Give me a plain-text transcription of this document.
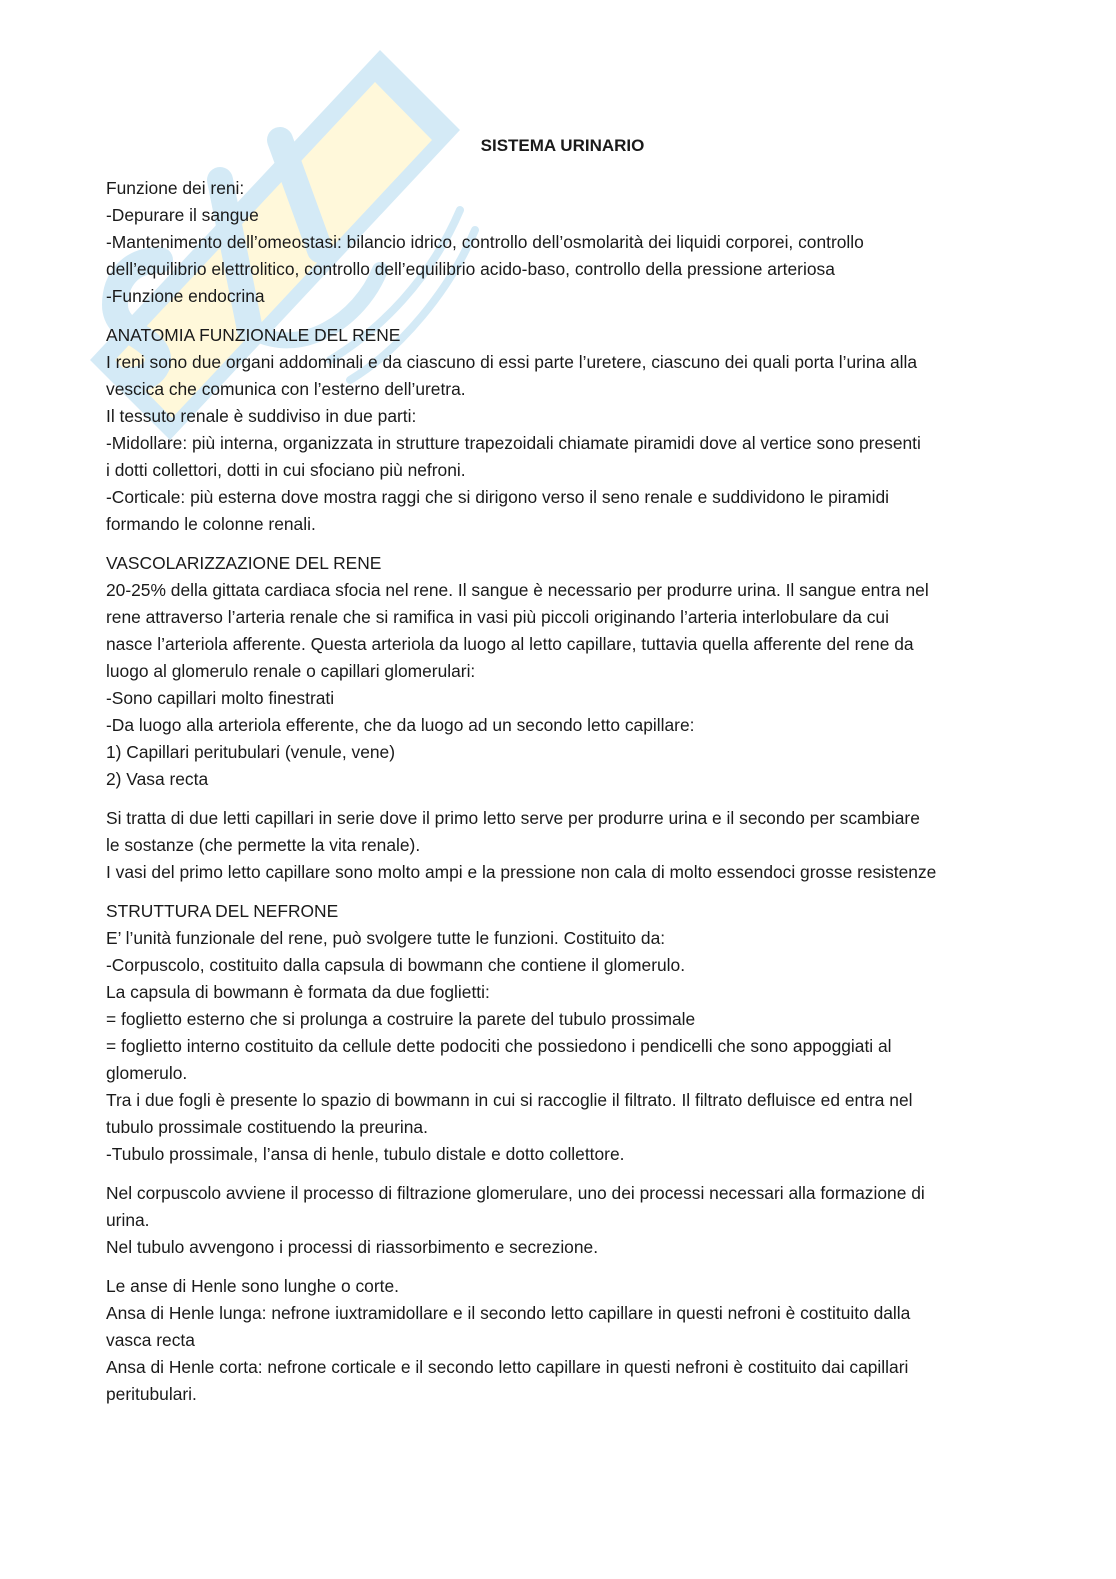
SISTEMA URINARIO
Funzione dei reni:
-Depurare il sangue
-Mantenimento dell’omeostasi: bilancio idrico, controllo dell’osmolarità dei liquidi corporei, controllo
dell’equilibrio elettrolitico, controllo dell’equilibrio acido-baso, controllo della pressione arteriosa
-Funzione endocrina
ANATOMIA FUNZIONALE DEL RENE
I reni sono due organi addominali e da ciascuno di essi parte l’uretere, ciascuno dei quali porta l’urina alla
vescica che comunica con l’esterno dell’uretra.
Il tessuto renale è suddiviso in due parti:
-Midollare: più interna, organizzata in strutture trapezoidali chiamate piramidi dove al vertice sono presenti
i dotti collettori, dotti in cui sfociano più nefroni.
-Corticale: più esterna dove mostra raggi che si dirigono verso il seno renale e suddividono le piramidi
formando le colonne renali.
VASCOLARIZZAZIONE DEL RENE
20-25% della gittata cardiaca sfocia nel rene. Il sangue è necessario per produrre urina. Il sangue entra nel
rene attraverso l’arteria renale che si ramifica in vasi più piccoli originando l’arteria interlobulare da cui
nasce l’arteriola afferente. Questa arteriola da luogo al letto capillare, tuttavia quella afferente del rene da
luogo al glomerulo renale o capillari glomerulari:
-Sono capillari molto finestrati
-Da luogo alla arteriola efferente, che da luogo ad un secondo letto capillare:
1) Capillari peritubulari (venule, vene)
2) Vasa recta
Si tratta di due letti capillari in serie dove il primo letto serve per produrre urina e il secondo per scambiare
le sostanze (che permette la vita renale).
I vasi del primo letto capillare sono molto ampi e la pressione non cala di molto essendoci grosse resistenze
STRUTTURA DEL NEFRONE
E’ l’unità funzionale del rene, può svolgere tutte le funzioni. Costituito da:
-Corpuscolo, costituito dalla capsula di bowmann che contiene il glomerulo.
La capsula di bowmann è formata da due foglietti:
= foglietto esterno che si prolunga a costruire la parete del tubulo prossimale
= foglietto interno costituito da cellule dette podociti che possiedono i pendicelli che sono appoggiati al
glomerulo.
Tra i due fogli è presente lo spazio di bowmann in cui si raccoglie il filtrato. Il filtrato defluisce ed entra nel
tubulo prossimale costituendo la preurina.
-Tubulo prossimale, l’ansa di henle, tubulo distale e dotto collettore.
Nel corpuscolo avviene il processo di filtrazione glomerulare, uno dei processi necessari alla formazione di
urina.
Nel tubulo avvengono i processi di riassorbimento e secrezione.
Le anse di Henle sono lunghe o corte.
Ansa di Henle lunga: nefrone iuxtramidollare e il secondo letto capillare in questi nefroni è costituito dalla
vasca recta
Ansa di Henle corta: nefrone corticale e il secondo letto capillare in questi nefroni è costituito dai capillari
peritubulari.
